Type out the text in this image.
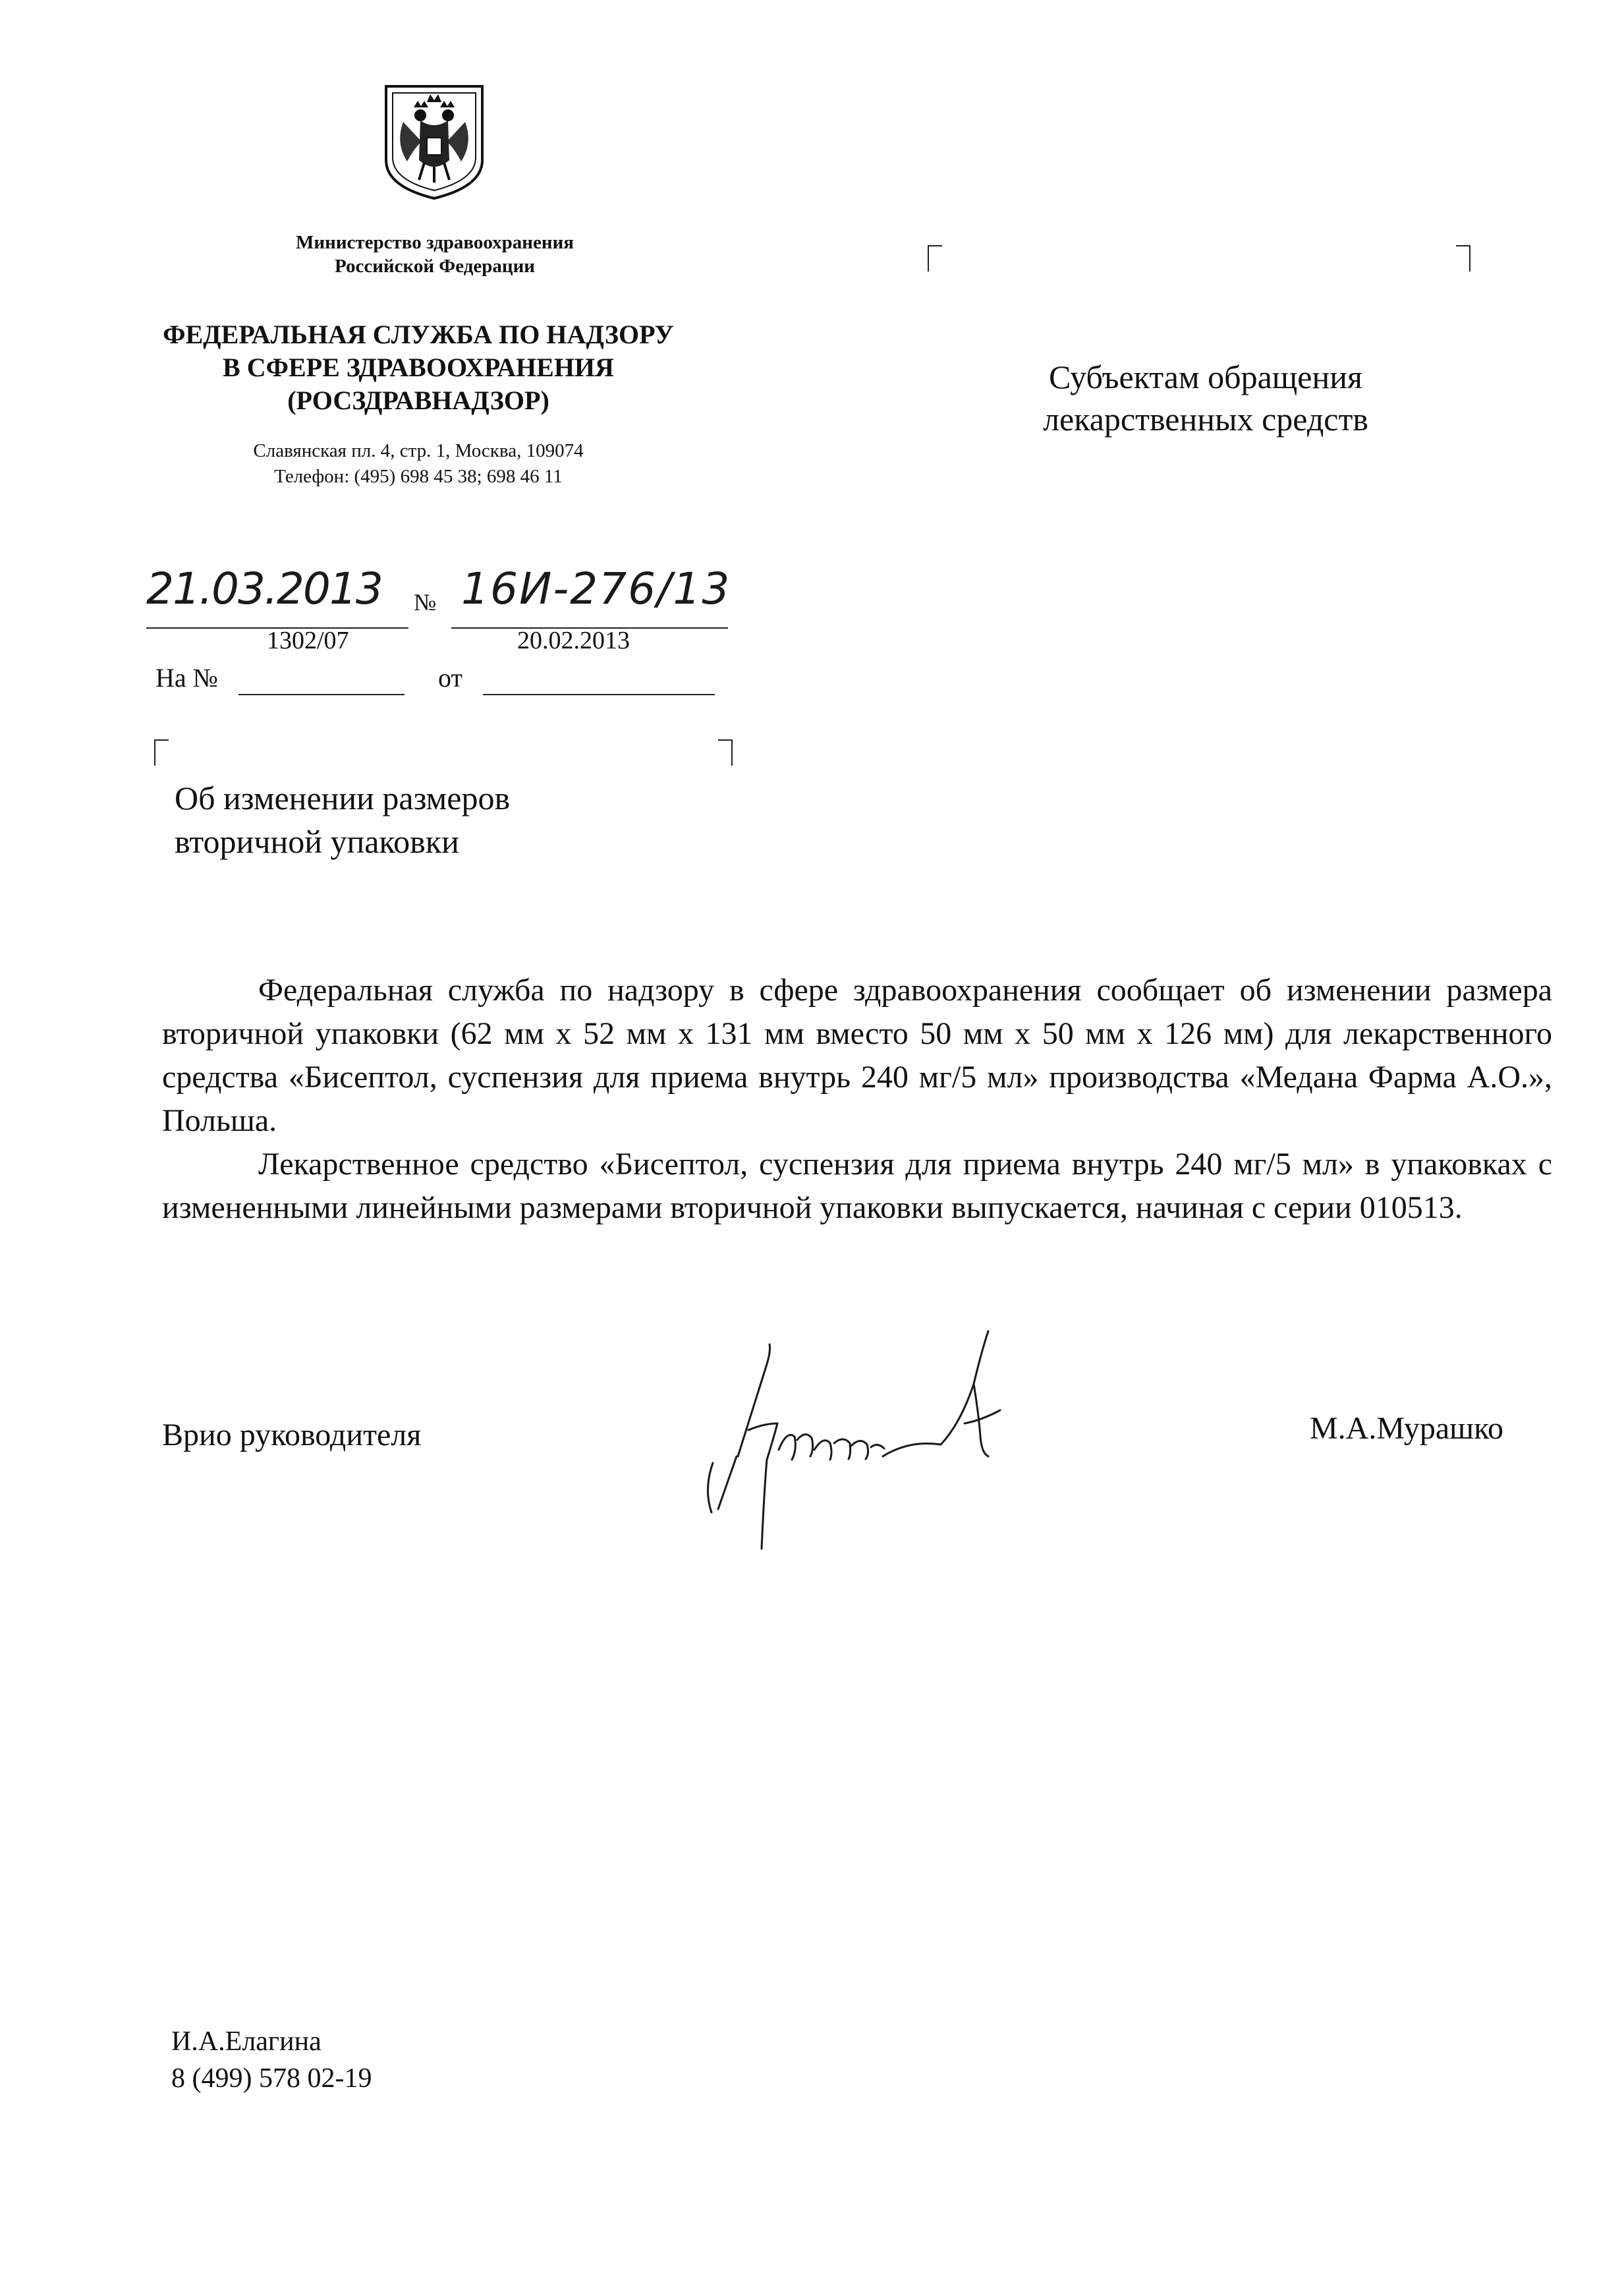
Министерство здравоохранения
Российской Федерации
ФЕДЕРАЛЬНАЯ СЛУЖБА ПО НАДЗОРУ
В СФЕРЕ ЗДРАВООХРАНЕНИЯ
(РОСЗДРАВНАДЗОР)
Славянская пл. 4, стр. 1, Москва, 109074
Телефон: (495) 698 45 38; 698 46 11
21.03.2013 № 16И-276/13
1302/07	20.02.2013
На №	от
Субъектам обращения
лекарственных средств
Об изменении размеров
вторичной упаковки

Федеральная служба по надзору в сфере здравоохранения сообщает об изменении размера вторичной упаковки (62 мм х 52 мм х 131 мм вместо 50 мм х 50 мм х 126 мм) для лекарственного средства «Бисептол, суспензия для приема внутрь 240 мг/5 мл» производства «Медана Фарма А.О.», Польша.

Лекарственное средство «Бисептол, суспензия для приема внутрь 240 мг/5 мл» в упаковках с измененными линейными размерами вторичной упаковки выпускается, начиная с серии 010513.

Врио руководителя	М.А.Мурашко
И.А.Елагина
8 (499) 578 02-19
